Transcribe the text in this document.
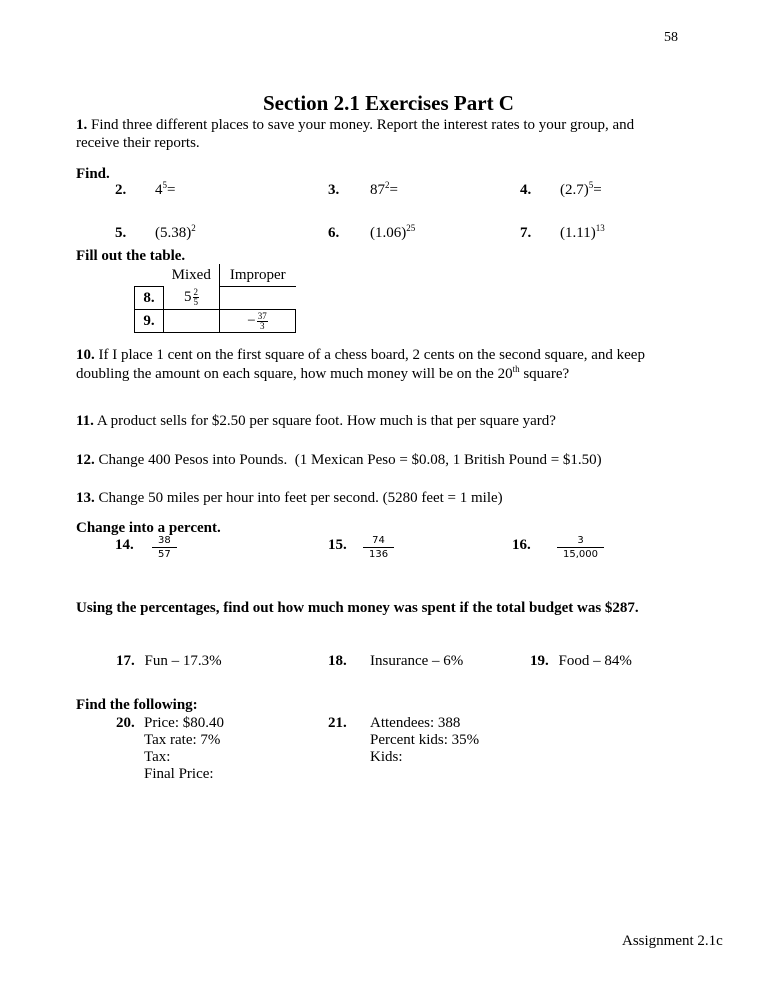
58
Section 2.1 Exercises Part C
1. Find three different places to save your money. Report the interest rates to your group, and
receive their reports.
Find.
2. $4^5=$	3. $87^2=$	4. $(2.7)^5=$
5. $(5.38)^2$	6. $(1.06)^{25}$	7. $(1.11)^{13}$
Fill out the table.
	Mixed	Improper
8.	$5 \frac{2}{5}$

9.		− $\frac{37}{3}$
10. If I place 1 cent on the first square of a chess board, 2 cents on the second square, and keep
doubling the amount on each square, how much money will be on the 20th square?
11. A product sells for $2.50 per square foot. How much is that per square yard?
12. Change 400 Pesos into Pounds.  (1 Mexican Peso = $0.08, 1 British Pound = $1.50)
13. Change 50 miles per hour into feet per second. (5280 feet = 1 mile)
Change into a percent.
14.	$\frac{38}{57}$	15.	$\frac{74}{136}$	16.	$\frac{3}{15,000}$
Using the percentages, find out how much money was spent if the total budget was $287.
17. Fun – 17.3%	18. Insurance – 6%	19. Food – 84%
Find the following:
20. Price: $80.40
Tax rate: 7%
Tax:
Final Price:
21. Attendees: 388
Percent kids: 35%
Kids:
Assignment 2.1c
